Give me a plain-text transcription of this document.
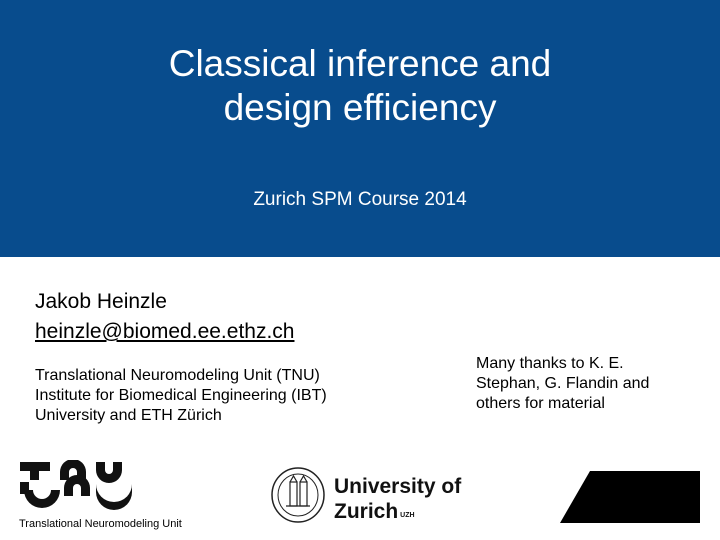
Classical inference and
design efficiency
Zurich SPM Course 2014
Jakob Heinzle
heinzle@biomed.ee.ethz.ch
Translational Neuromodeling Unit (TNU)
Institute for Biomedical Engineering (IBT)
University and ETH Zürich
Many thanks to K. E. Stephan, G. Flandin and others for material
Translational Neuromodeling Unit
University of
Zurich $^{UZH}$
